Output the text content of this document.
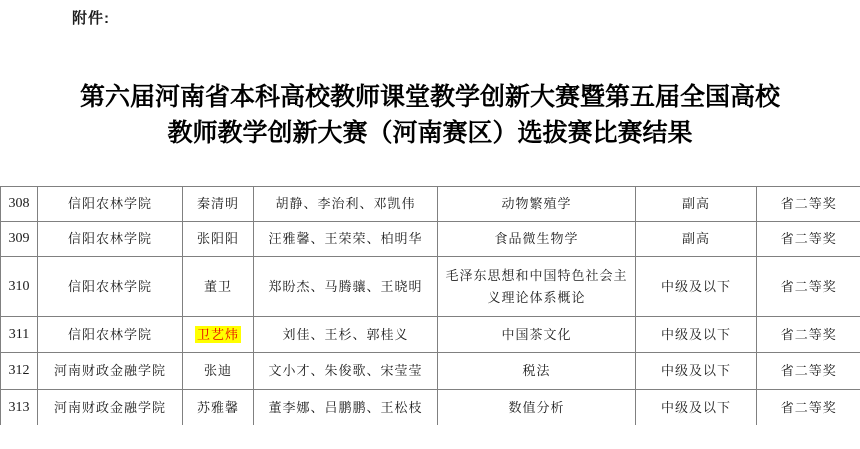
附件:
第六届河南省本科高校教师课堂教学创新大赛暨第五届全国高校
教师教学创新大赛（河南赛区）选拔赛比赛结果
308	信阳农林学院	秦清明	胡静、李治利、邓凯伟	动物繁殖学	副高	省二等奖
309	信阳农林学院	张阳阳	汪雅馨、王荣荣、柏明华	食品微生物学	副高	省二等奖
310	信阳农林学院	董卫	郑盼杰、马腾骧、王晓明	毛泽东思想和中国特色社会主义理论体系概论	中级及以下	省二等奖
311	信阳农林学院	卫艺炜	刘佳、王杉、郭桂义	中国茶文化	中级及以下	省二等奖
312	河南财政金融学院	张迪	文小才、朱俊歌、宋莹莹	税法	中级及以下	省二等奖
313	河南财政金融学院	苏雅馨	董李娜、吕鹏鹏、王松枝	数值分析	中级及以下	省二等奖
